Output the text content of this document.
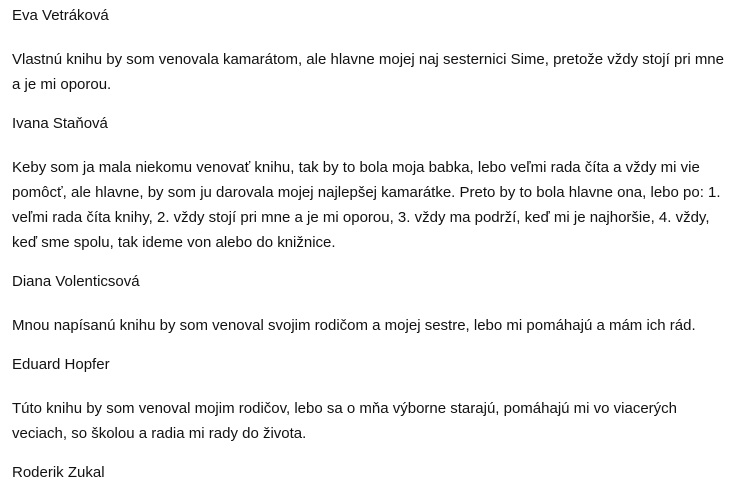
Eva Vetráková

Vlastnú knihu by som venovala kamarátom, ale hlavne mojej naj sesternici Sime, pretože vždy stojí pri mne a je mi oporou.

Ivana Staňová

Keby som ja mala niekomu venovať knihu, tak by to bola moja babka, lebo veľmi rada číta a vždy mi vie pomôcť, ale hlavne, by som ju darovala mojej najlepšej kamarátke. Preto by to bola hlavne ona, lebo po: 1. veľmi rada číta knihy, 2. vždy stojí pri mne a je mi oporou, 3. vždy ma podrží, keď mi je najhoršie, 4. vždy, keď sme spolu, tak ideme von alebo do knižnice.

Diana Volenticsová

Mnou napísanú knihu by som venoval svojim rodičom a mojej sestre, lebo mi pomáhajú a mám ich rád.

Eduard Hopfer

Túto knihu by som venoval mojim rodičov, lebo sa o mňa výborne starajú, pomáhajú mi vo viacerých veciach, so školou a radia mi rady do života.

Roderik Zukal
